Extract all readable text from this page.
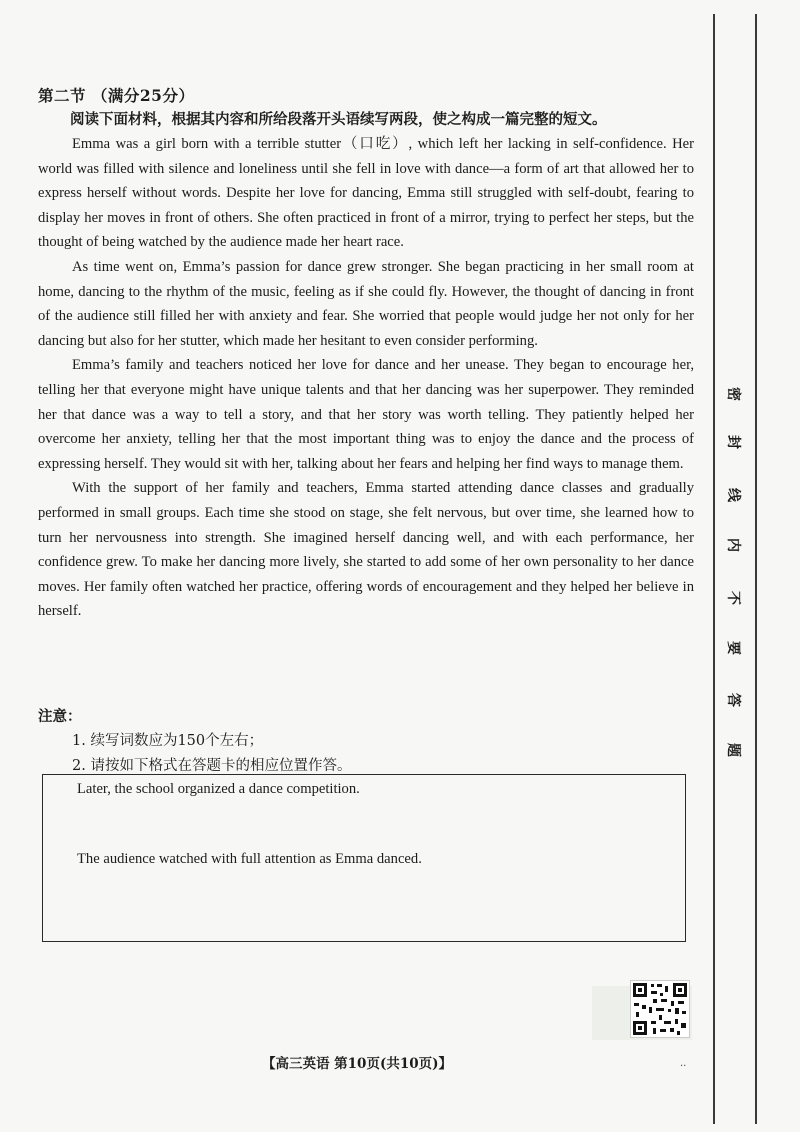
密
封
线
内
不
要
答
题
第二节 （满分25分）
阅读下面材料，根据其内容和所给段落开头语续写两段，使之构成一篇完整的短文。

Emma was a girl born with a terrible stutter（口吃）, which left her lacking in self-confidence. Her world was filled with silence and loneliness until she fell in love with dance—a form of art that allowed her to express herself without words. Despite her love for dancing, Emma still struggled with self-doubt, fearing to display her moves in front of others. She often practiced in front of a mirror, trying to perfect her steps, but the thought of being watched by the audience made her heart race.

As time went on, Emma’s passion for dance grew stronger. She began practicing in her small room at home, dancing to the rhythm of the music, feeling as if she could fly. However, the thought of dancing in front of the audience still filled her with anxiety and fear. She worried that people would judge her not only for her dancing but also for her stutter, which made her hesitant to even consider performing.

Emma’s family and teachers noticed her love for dance and her unease. They began to encourage her, telling her that everyone might have unique talents and that her dancing was her superpower. They reminded her that dance was a way to tell a story, and that her story was worth telling. They patiently helped her overcome her anxiety, telling her that the most important thing was to enjoy the dance and the process of expressing herself. They would sit with her, talking about her fears and helping her find ways to manage them.

With the support of her family and teachers, Emma started attending dance classes and gradually performed in small groups. Each time she stood on stage, she felt nervous, but over time, she learned how to turn her nervousness into strength. She imagined herself dancing well, and with each performance, her confidence grew. To make her dancing more lively, she started to add some of her own personality to her dance moves. Her family often watched her practice, offering words of encouragement and they helped her believe in herself.

注意：
1. 续写词数应为150个左右；
2. 请按如下格式在答题卡的相应位置作答。
Later, the school organized a dance competition.
The audience watched with full attention as Emma danced.
【高三英语 第10页(共10页)】	..
